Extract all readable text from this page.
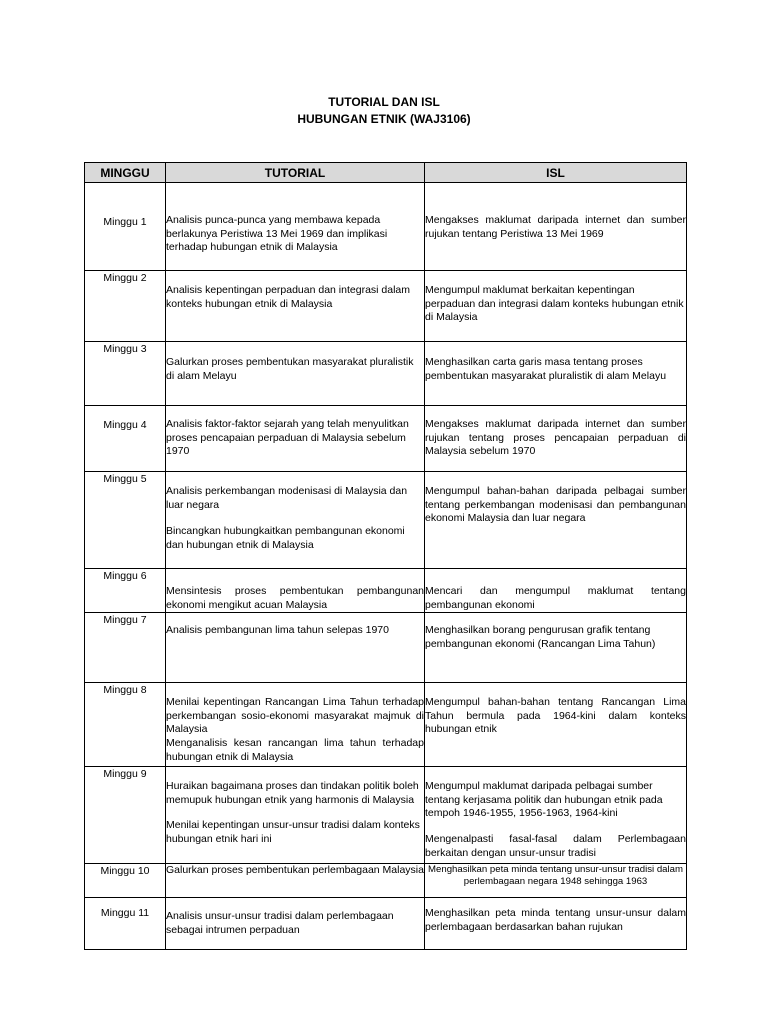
TUTORIAL DAN ISL
HUBUNGAN ETNIK (WAJ3106)
MINGGU	TUTORIAL	ISL

Minggu 1	Analisis punca-punca yang membawa kepada berlakunya Peristiwa 13 Mei 1969 dan implikasi terhadap hubungan etnik di Malaysia	Mengakses maklumat daripada internet dan sumber rujukan tentang Peristiwa 13 Mei 1969

Minggu 2	Analisis kepentingan perpaduan dan integrasi dalam konteks hubungan etnik di Malaysia	Mengumpul maklumat berkaitan kepentingan perpaduan dan integrasi dalam konteks hubungan etnik di Malaysia

Minggu 3	Galurkan proses pembentukan masyarakat pluralistik di alam Melayu	Menghasilkan carta garis masa tentang proses pembentukan masyarakat pluralistik di alam Melayu

Minggu 4	Analisis faktor-faktor sejarah yang telah menyulitkan proses pencapaian perpaduan di Malaysia sebelum 1970	Mengakses maklumat daripada internet dan sumber rujukan tentang proses pencapaian perpaduan di Malaysia sebelum 1970

Minggu 5	Analisis perkembangan modenisasi di Malaysia dan luar negara
Bincangkan hubungkaitkan pembangunan ekonomi dan hubungan etnik di Malaysia	Mengumpul bahan-bahan daripada pelbagai sumber tentang perkembangan modenisasi dan pembangunan ekonomi Malaysia dan luar negara

Minggu 6	Mensintesis proses pembentukan pembangunan ekonomi mengikut acuan Malaysia	Mencari dan mengumpul maklumat tentang pembangunan ekonomi

Minggu 7	Analisis pembangunan lima tahun selepas 1970	Menghasilkan borang pengurusan grafik tentang pembangunan ekonomi (Rancangan Lima Tahun)

Minggu 8	Menilai kepentingan Rancangan Lima Tahun terhadap perkembangan sosio-ekonomi masyarakat majmuk di Malaysia
Menganalisis kesan rancangan lima tahun terhadap hubungan etnik di Malaysia	Mengumpul bahan-bahan tentang Rancangan Lima Tahun bermula pada 1964-kini dalam konteks hubungan etnik

Minggu 9	Huraikan bagaimana proses dan tindakan politik boleh memupuk hubungan etnik yang harmonis di Malaysia
Menilai kepentingan unsur-unsur tradisi dalam konteks hubungan etnik hari ini	Mengumpul maklumat daripada pelbagai sumber tentang kerjasama politik dan hubungan etnik pada tempoh 1946-1955, 1956-1963, 1964-kini
Mengenalpasti fasal-fasal dalam Perlembagaan berkaitan dengan unsur-unsur tradisi

Minggu 10	Galurkan proses pembentukan perlembagaan Malaysia	Menghasilkan peta minda tentang unsur-unsur tradisi dalam perlembagaan negara 1948 sehingga 1963

Minggu 11	Analisis unsur-unsur tradisi dalam perlembagaan sebagai intrumen perpaduan	Menghasilkan peta minda tentang unsur-unsur dalam perlembagaan berdasarkan bahan rujukan
